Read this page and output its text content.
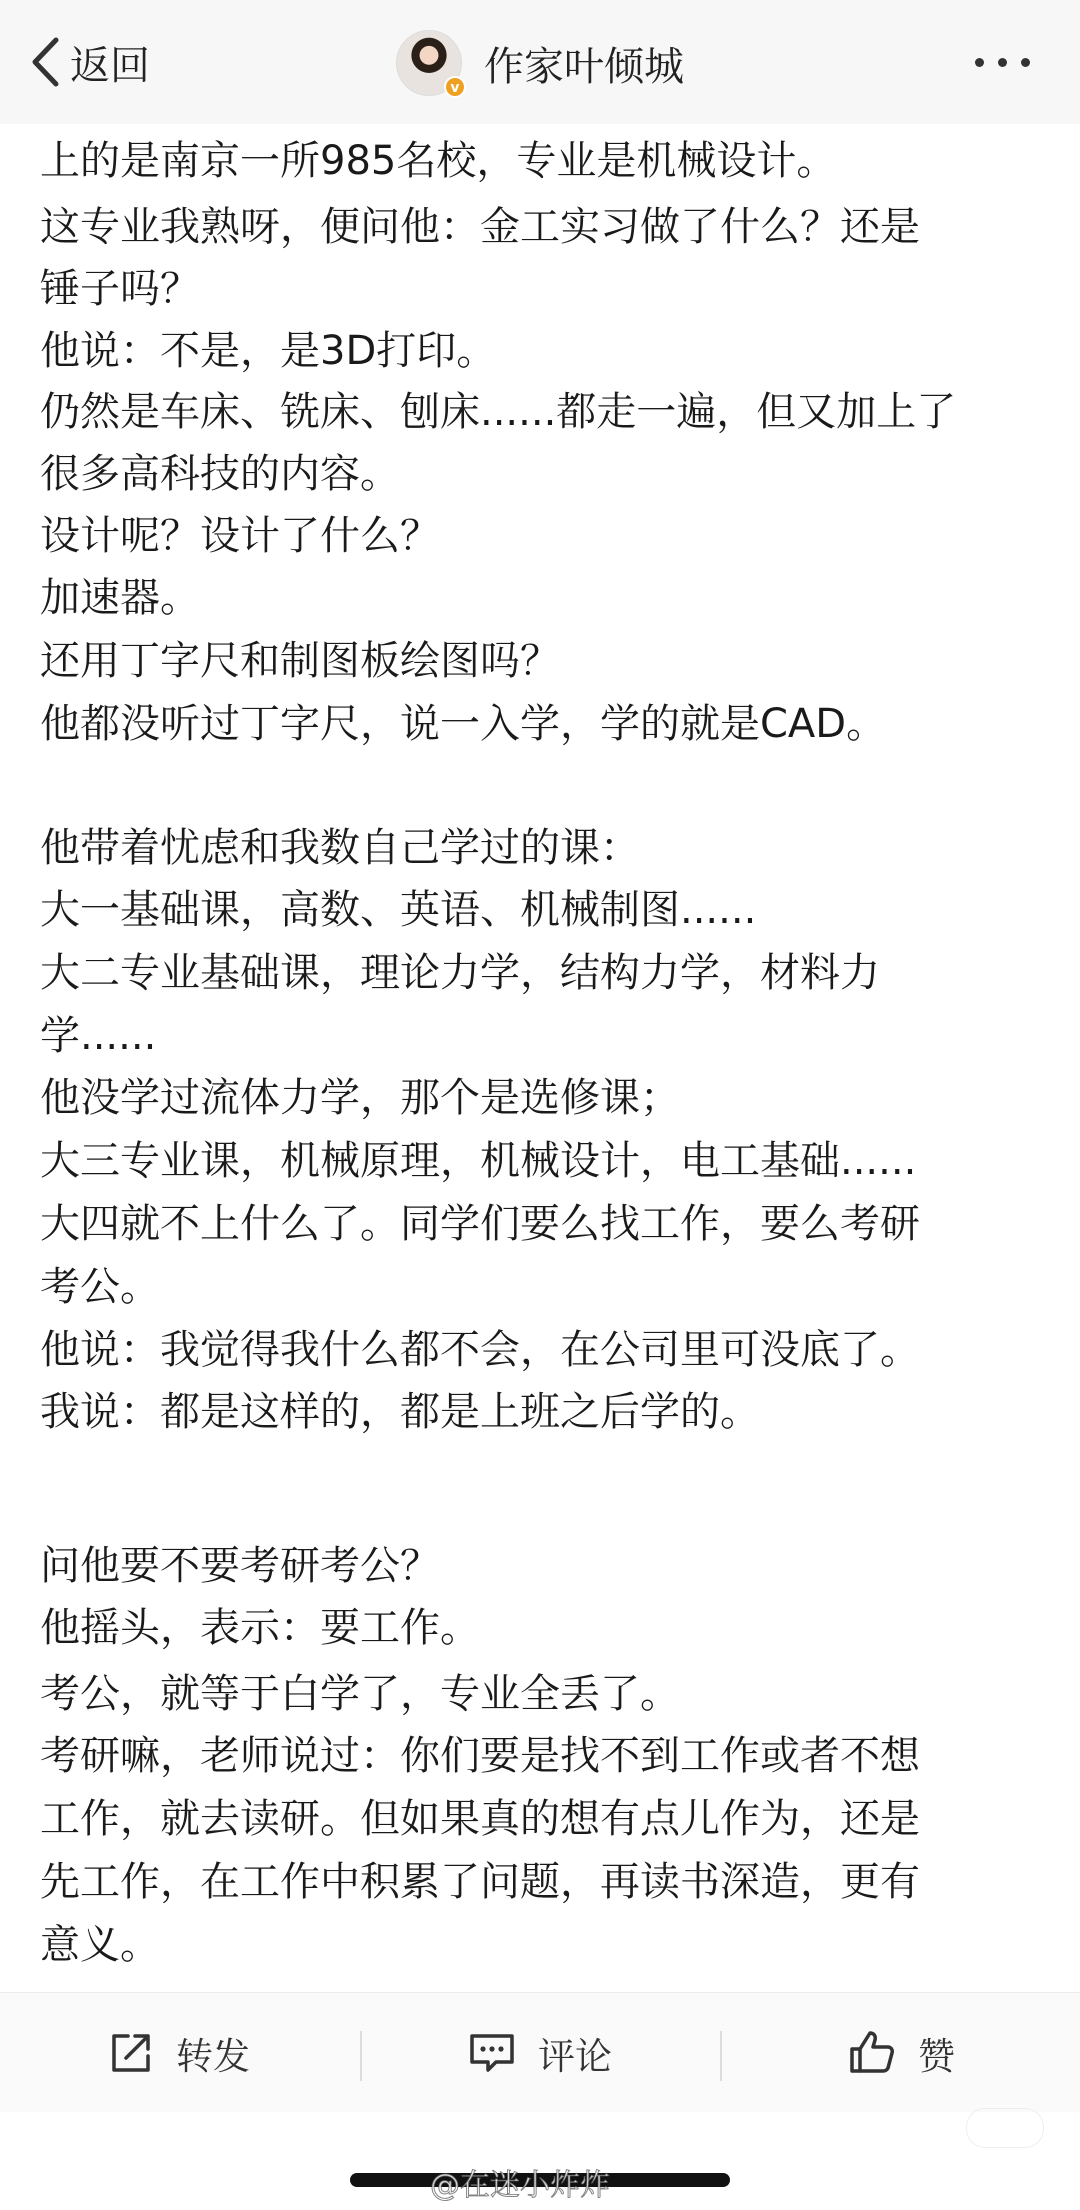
返回	v 作家叶倾城
上的是南京一所985名校，专业是机械设计。
这专业我熟呀，便问他：金工实习做了什么？还是
锤子吗？
他说：不是，是3D打印。
仍然是车床、铣床、刨床......都走一遍，但又加上了
很多高科技的内容。
设计呢？设计了什么？
加速器。
还用丁字尺和制图板绘图吗？
他都没听过丁字尺，说一入学，学的就是CAD。
他带着忧虑和我数自己学过的课：
大一基础课，高数、英语、机械制图......
大二专业基础课，理论力学，结构力学，材料力
学......
他没学过流体力学，那个是选修课；
大三专业课，机械原理，机械设计，电工基础......
大四就不上什么了。同学们要么找工作，要么考研
考公。
他说：我觉得我什么都不会，在公司里可没底了。
我说：都是这样的，都是上班之后学的。
问他要不要考研考公？
他摇头，表示：要工作。
考公，就等于白学了，专业全丢了。
考研嘛，老师说过：你们要是找不到工作或者不想
工作，就去读研。但如果真的想有点儿作为，还是
先工作，在工作中积累了问题，再读书深造，更有
意义。
转发	评论	赞
@在迷小炸炸
